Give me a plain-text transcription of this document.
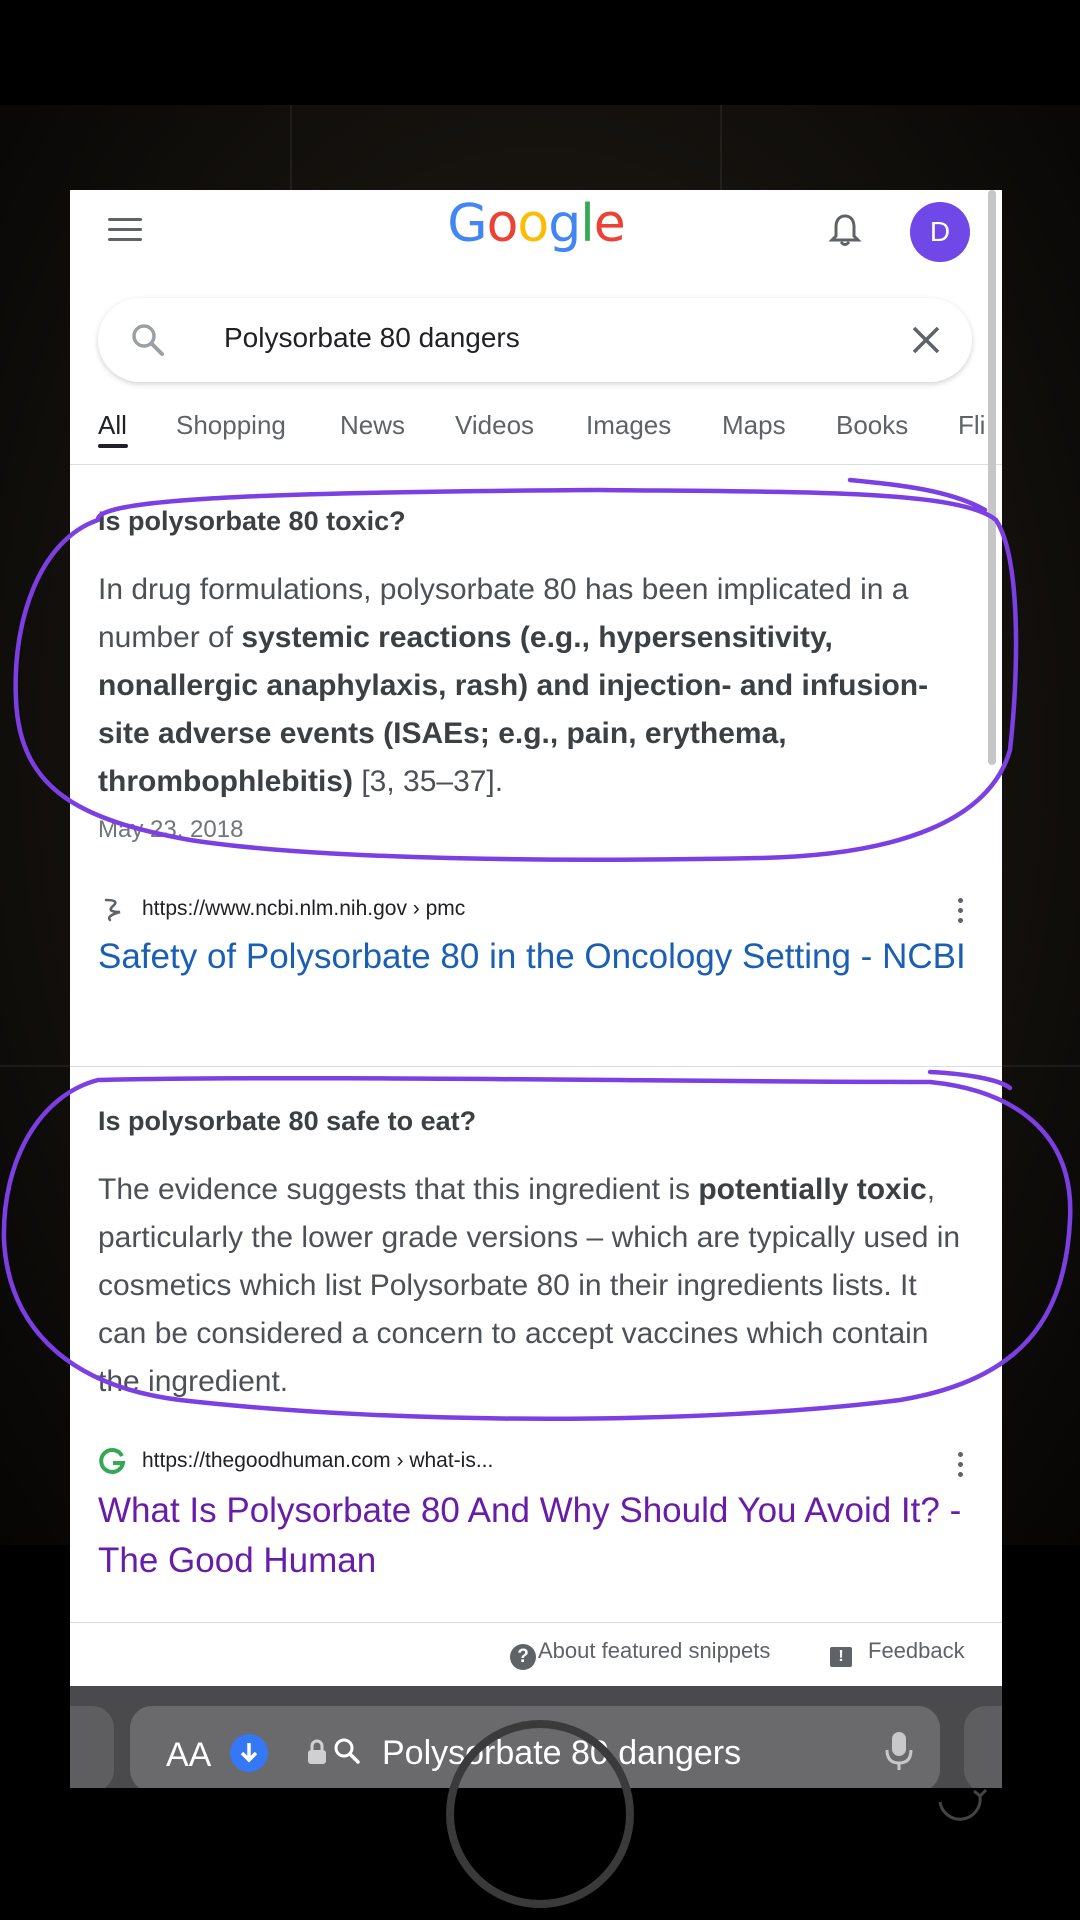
Google	D
Polysorbate 80 dangers
All Shopping News Videos Images Maps Books Fli
Is polysorbate 80 toxic?
In drug formulations, polysorbate 80 has been implicated in a number of systemic reactions (e.g., hypersensitivity, nonallergic anaphylaxis, rash) and injection- and infusion-site adverse events (ISAEs; e.g., pain, erythema, thrombophlebitis) [3, 35–37].
May 23, 2018
https://www.ncbi.nlm.nih.gov › pmc
Safety of Polysorbate 80 in the Oncology Setting - NCBI
Is polysorbate 80 safe to eat?
The evidence suggests that this ingredient is potentially toxic, particularly the lower grade versions – which are typically used in cosmetics which list Polysorbate 80 in their ingredients lists. It can be considered a concern to accept vaccines which contain the ingredient.
https://thegoodhuman.com › what-is...
What Is Polysorbate 80 And Why Should You Avoid It? - The Good Human
? About featured snippets	! Feedback
AA	Polysorbate 80 dangers
